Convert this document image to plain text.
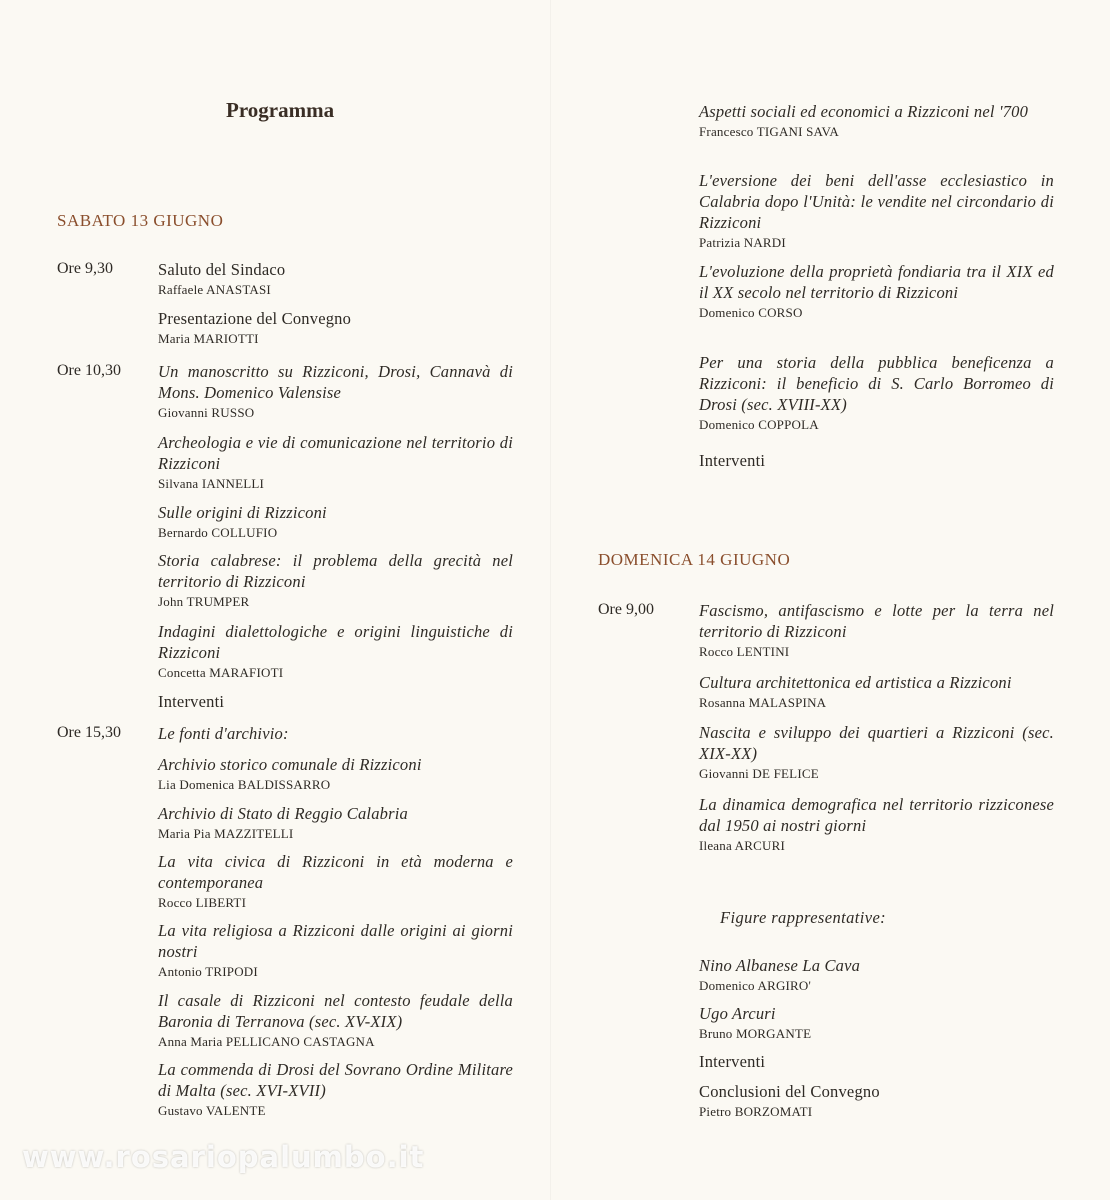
Programma
SABATO 13 GIUGNO
Ore 9,30
Ore 10,30
Ore 15,30
Saluto del Sindaco
Raffaele ANASTASI
Presentazione del Convegno
Maria MARIOTTI
Un manoscritto su Rizziconi, Drosi, Cannavà di Mons. Domenico Valensise
Giovanni RUSSO
Archeologia e vie di comunicazione nel territorio di Rizziconi
Silvana IANNELLI
Sulle origini di Rizziconi
Bernardo COLLUFIO
Storia calabrese: il problema della grecità nel territorio di Rizziconi
John TRUMPER
Indagini dialettologiche e origini linguistiche di Rizziconi
Concetta MARAFIOTI
Interventi
Le fonti d'archivio:
Archivio storico comunale di Rizziconi
Lia Domenica BALDISSARRO
Archivio di Stato di Reggio Calabria
Maria Pia MAZZITELLI
La vita civica di Rizziconi in età moderna e contemporanea
Rocco LIBERTI
La vita religiosa a Rizziconi dalle origini ai giorni nostri
Antonio TRIPODI
Il casale di Rizziconi nel contesto feudale della Baronia di Terranova (sec. XV-XIX)
Anna Maria PELLICANO CASTAGNA
La commenda di Drosi del Sovrano Ordine Militare di Malta (sec. XVI-XVII)
Gustavo VALENTE
Aspetti sociali ed economici a Rizziconi nel '700
Francesco TIGANI SAVA
L'eversione dei beni dell'asse ecclesiastico in Calabria dopo l'Unità: le vendite nel circondario di Rizziconi
Patrizia NARDI
L'evoluzione della proprietà fondiaria tra il XIX ed il XX secolo nel territorio di Rizziconi
Domenico CORSO
Per una storia della pubblica beneficenza a Rizziconi: il beneficio di S. Carlo Borromeo di Drosi (sec. XVIII-XX)
Domenico COPPOLA
Interventi
DOMENICA 14 GIUGNO
Ore 9,00	Fascismo, antifascismo e lotte per la terra nel territorio di Rizziconi
Rocco LENTINI
Cultura architettonica ed artistica a Rizziconi
Rosanna MALASPINA
Nascita e sviluppo dei quartieri a Rizziconi (sec. XIX-XX)
Giovanni DE FELICE
La dinamica demografica nel territorio rizziconese dal 1950 ai nostri giorni
Ileana ARCURI
Figure rappresentative:
Nino Albanese La Cava
Domenico ARGIRO'
Ugo Arcuri
Bruno MORGANTE
Interventi
Conclusioni del Convegno
Pietro BORZOMATI
www.rosariopalumbo.it
